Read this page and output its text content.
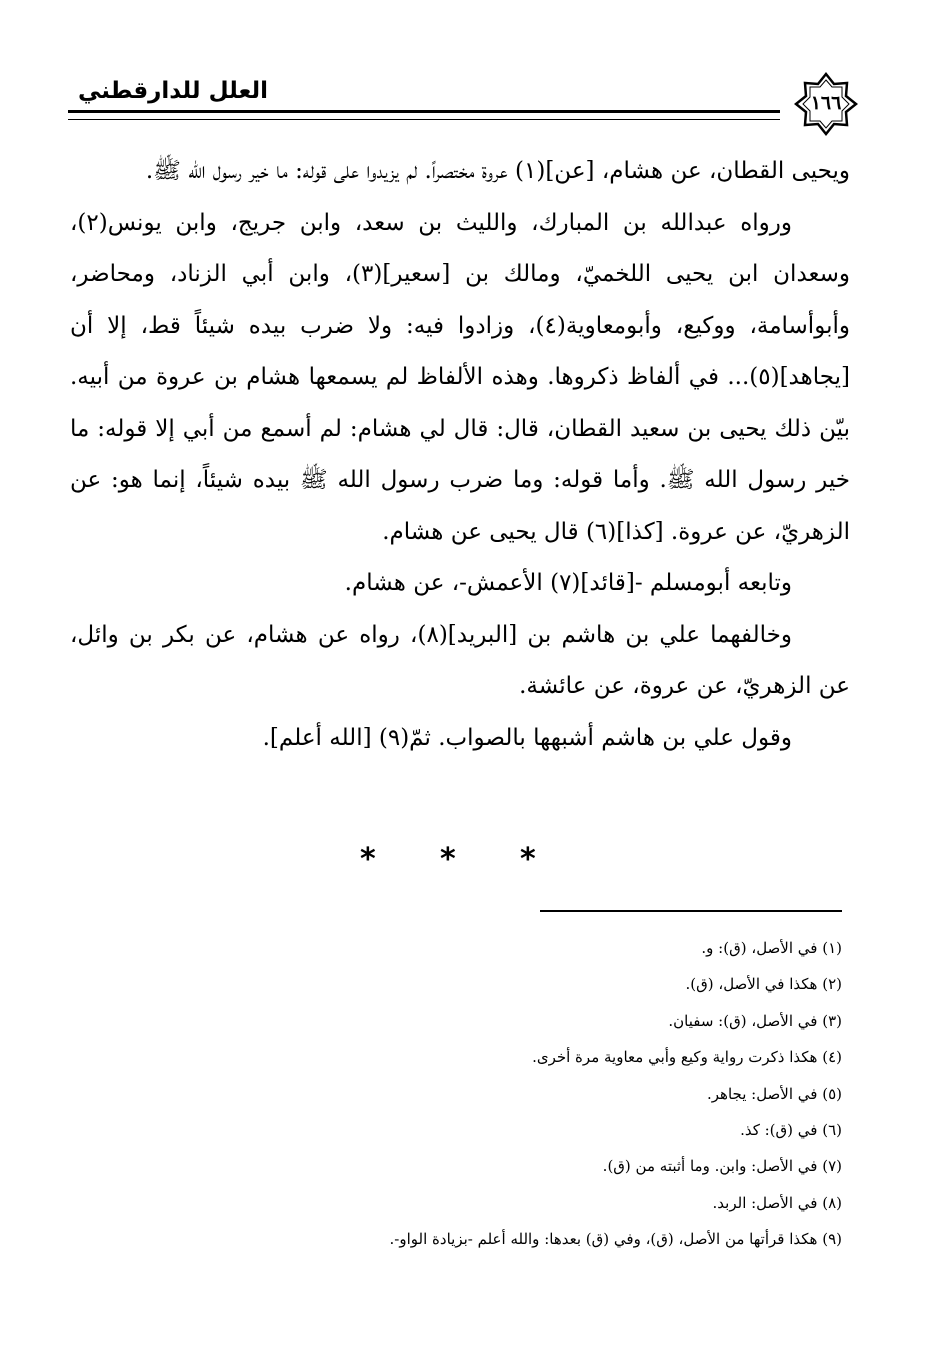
العلل للدارقطني	١٦٦

ويحيى القطان، عن هشام، [عن](١) عروة مختصراً. لم يزيدوا على قوله: ما خير رسول الله ﷺ.

ورواه عبدالله بن المبارك، والليث بن سعد، وابن جريج، وابن يونس(٢)، وسعدان ابن يحيى اللخميّ، ومالك بن [سعير](٣)، وابن أبي الزناد، ومحاضر، وأبوأسامة، ووكيع، وأبومعاوية(٤)، وزادوا فيه: ولا ضرب بيده شيئاً قط، إلا أن [يجاهد](٥)... في ألفاظ ذكروها. وهذه الألفاظ لم يسمعها هشام بن عروة من أبيه. بيّن ذلك يحيى بن سعيد القطان، قال: قال لي هشام: لم أسمع من أبي إلا قوله: ما خير رسول الله ﷺ. وأما قوله: وما ضرب رسول الله ﷺ بيده شيئاً، إنما هو: عن الزهريّ، عن عروة. [كذا](٦) قال يحيى عن هشام.

وتابعه أبومسلم -[قائد](٧) الأعمش-، عن هشام.

وخالفهما علي بن هاشم بن [البريد](٨)، رواه عن هشام، عن بكر بن وائل، عن الزهريّ، عن عروة، عن عائشة.

وقول علي بن هاشم أشبهها بالصواب. ثمّ(٩) [الله أعلم].

* * *
(١) في الأصل، (ق): و.
(٢) هكذا في الأصل، (ق).
(٣) في الأصل، (ق): سفيان.
(٤) هكذا ذكرت رواية وكيع وأبي معاوية مرة أخرى.
(٥) في الأصل: يجاهر.
(٦) في (ق): كذ.
(٧) في الأصل: وابن. وما أثبته من (ق).
(٨) في الأصل: الربد.
(٩) هكذا قرأتها من الأصل، (ق)، وفي (ق) بعدها: والله أعلم -بزيادة الواو-.
